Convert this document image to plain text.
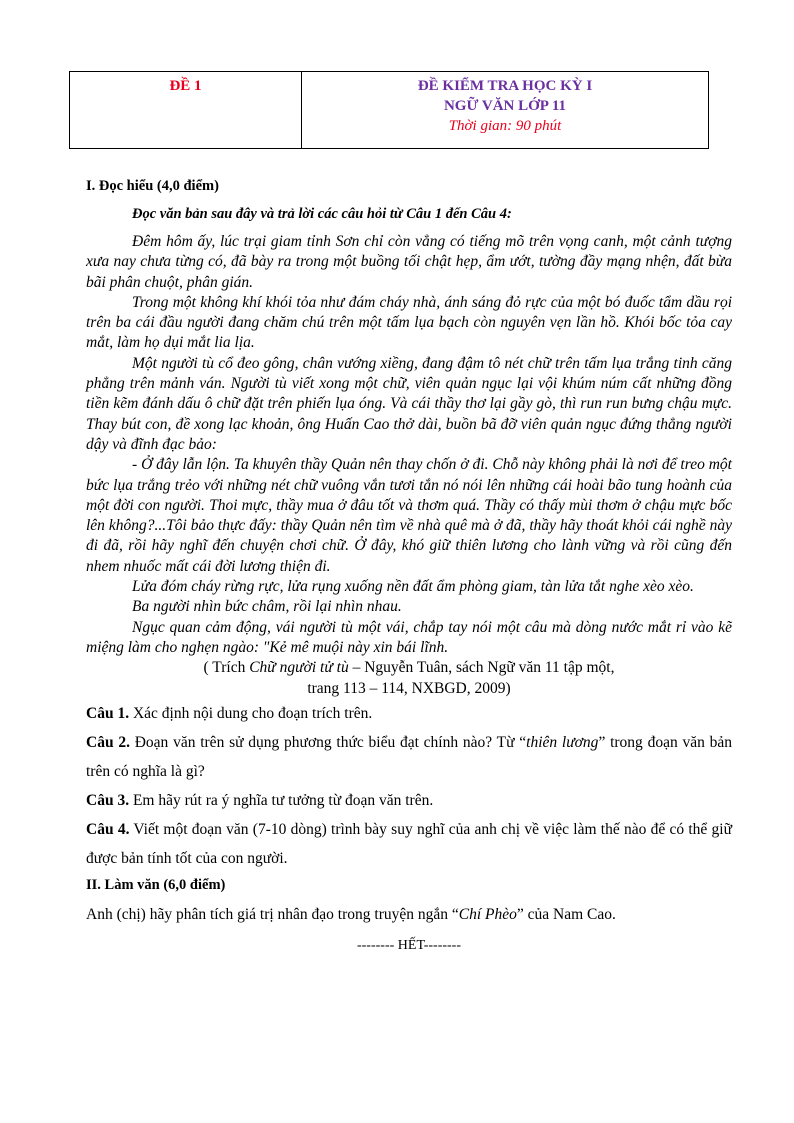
ĐỀ 1	ĐỀ KIỂM TRA HỌC KỲ I
NGỮ VĂN LỚP 11
Thời gian: 90 phút

I. Đọc hiểu (4,0 điểm)

Đọc văn bản sau đây và trả lời các câu hỏi từ Câu 1 đến Câu 4:

Đêm hôm ấy, lúc trại giam tỉnh Sơn chỉ còn vẳng có tiếng mõ trên vọng canh, một cảnh tượng xưa nay chưa từng có, đã bày ra trong một buồng tối chật hẹp, ẩm ướt, tường đầy mạng nhện, đất bừa bãi phân chuột, phân gián.

Trong một không khí khói tỏa như đám cháy nhà, ánh sáng đỏ rực của một bó đuốc tẩm dầu rọi trên ba cái đầu người đang chăm chú trên một tấm lụa bạch còn nguyên vẹn lần hồ. Khói bốc tỏa cay mắt, làm họ dụi mắt lia lịa.

Một người tù cổ đeo gông, chân vướng xiềng, đang đậm tô nét chữ trên tấm lụa trắng tinh căng phẳng trên mảnh ván. Người tù viết xong một chữ, viên quản ngục lại vội khúm núm cất những đồng tiền kẽm đánh dấu ô chữ đặt trên phiến lụa óng. Và cái thầy thơ lại gầy gò, thì run run bưng chậu mực. Thay bút con, đề xong lạc khoản, ông Huấn Cao thở dài, buồn bã đỡ viên quản ngục đứng thẳng người dậy và đĩnh đạc bảo:

- Ở đây lẫn lộn. Ta khuyên thầy Quản nên thay chốn ở đi. Chỗ này không phải là nơi để treo một bức lụa trắng trẻo với những nét chữ vuông vắn tươi tắn nó nói lên những cái hoài bão tung hoành của một đời con người. Thoi mực, thầy mua ở đâu tốt và thơm quá. Thầy có thấy mùi thơm ở chậu mực bốc lên không?...Tôi bảo thực đấy: thầy Quản nên tìm về nhà quê mà ở đã, thầy hãy thoát khỏi cái nghề này đi đã, rồi hãy nghĩ đến chuyện chơi chữ. Ở đây, khó giữ thiên lương cho lành vững và rồi cũng đến nhem nhuốc mất cái đời lương thiện đi.

Lửa đóm cháy rừng rực, lửa rụng xuống nền đất ẩm phòng giam, tàn lửa tắt nghe xèo xèo.

Ba người nhìn bức châm, rồi lại nhìn nhau.

Ngục quan cảm động, vái người tù một vái, chắp tay nói một câu mà dòng nước mắt rỉ vào kẽ miệng làm cho nghẹn ngào: "Kẻ mê muội này xin bái lĩnh.

( Trích Chữ người tử tù – Nguyễn Tuân, sách Ngữ văn 11 tập một,

trang 113 – 114, NXBGD, 2009)

Câu 1. Xác định nội dung cho đoạn trích trên.

Câu 2. Đoạn văn trên sử dụng phương thức biểu đạt chính nào? Từ “thiên lương” trong đoạn văn bản trên có nghĩa là gì?

Câu 3. Em hãy rút ra ý nghĩa tư tưởng từ đoạn văn trên.

Câu 4. Viết một đoạn văn (7-10 dòng) trình bày suy nghĩ của anh chị về việc làm thế nào để có thể giữ được bản tính tốt của con người.

II. Làm văn (6,0 điểm)

Anh (chị) hãy phân tích giá trị nhân đạo trong truyện ngắn “Chí Phèo” của Nam Cao.

-------- HẾT--------
